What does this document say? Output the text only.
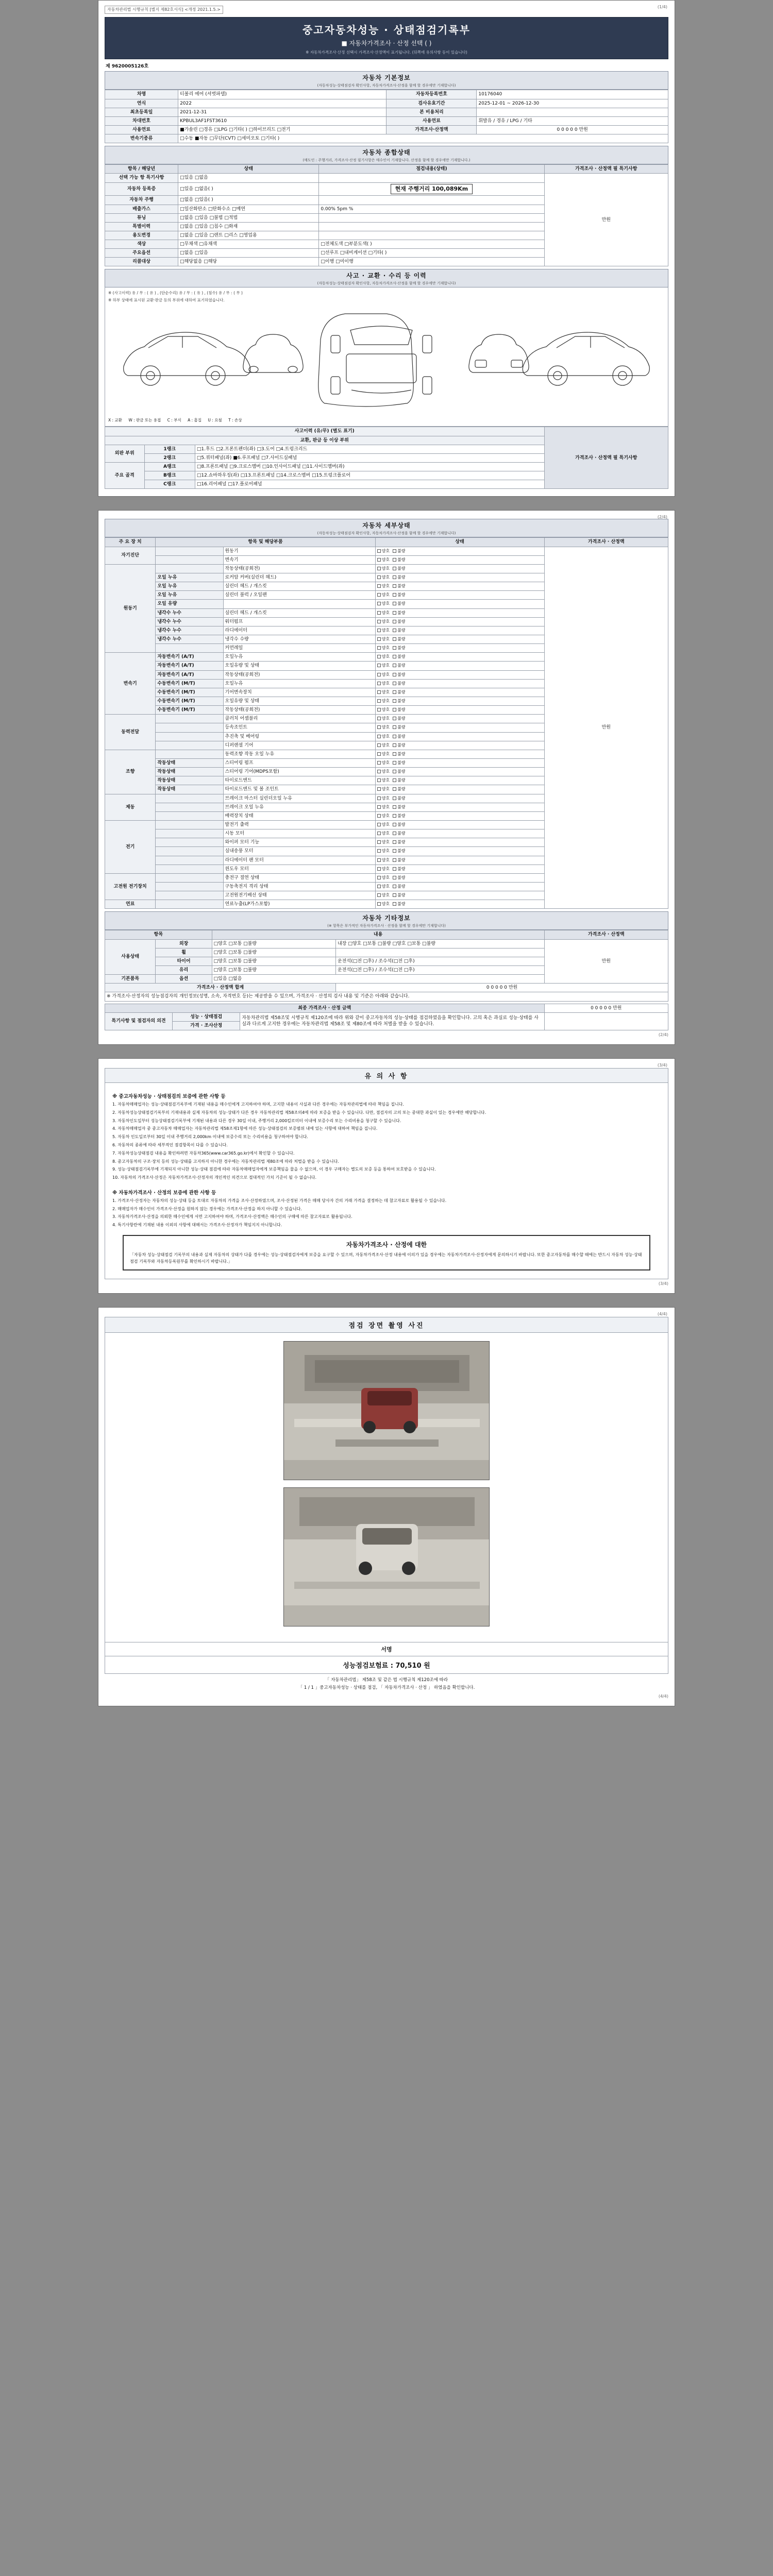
(1/4)
자동차관리법 시행규칙 [별지 제82호서식] <개정 2021.1.5.>
중고자동차성능 · 상태점검기록부
■ 자동차가격조사 · 산정 선택 ( )
※ 자동차가격조사·산정 선택시 가격조사·산정액이 표기됩니다. (뒤쪽에 유의사항 등이 있습니다)
제 9620005126호
자동차 기본정보
(자동차성능·상태점검자 확인사항, 자동차가격조사·산정을 함께 할 경우에만 기재합니다)
차명	티볼리 에어 (셔벗파델)	자동차등록번호	10176040
연식	2022	검사유효기간	2025-12-01 ~ 2026-12-30
최초등록일	2021-12-31	본 비용처리	
차대번호	KPBUL3AF1FST3610	사용연료	휘발유 / 경유 / LPG / 기타
사용연료	■가솔린 □경유 □LPG □기타( ) □하이브리드 □전기	가격조사·산정액	0 0 0 0 0 만원
변속기종류	□수동 ■자동 □무단(CVT) □세미오토 □기타( )		
자동차 종합상태
(매도인 : 주행거리, 가격조사·산정 필기사항은 매수인이 기재합니다. 산정을 함께 할 경우에만 기재합니다.)
항목 / 해당년	상태	점검내용(상태)	가격조사 · 산정액 필 특기사항
선택 가능 항 특기사항	□있음 □없음		만원
자동차 등록증	□있음 □없음( )	현재 주행거리 100,089Km	
자동차 주행	□없음 □있음( )		
배출가스	□일산화탄소 □탄화수소 □매연	0.00% 5pm %	
튜닝	□없음 □있음 □불법 □적법		
특별이력	□없음 □있음 □침수 □화재		
용도변경	□없음 □있음 □렌트 □리스 □영업용		
색상	□무채색 □유채색	□전체도색 □부분도색( )	
주요옵션	□없음 □있음	□선루프 □내비게이션 □기타( )	
리콜대상	□해당없음 □해당	□이행 □미이행	
사고 · 교환 · 수리 등 이력
(자동차성능·상태점검자 확인사항, 자동차가격조사·산정을 함께 할 경우에만 기재합니다)
※ (사고이력) 유 / 무 : ( 유 ) , (단순수리) 유 / 무 : ( 유 ) , (침수) 유 / 무 : ( 무 )
※ 하부 상태에 표시된 교환·판금 등의 부위에 대하여 표기하였습니다.
X : 교환 W : 판금 또는 용접 C : 부식 A : 흠집 U : 요철 T : 손상
사고이력 (유/무) (별도 표기)			가격조사 · 산정액 필 특기사항
교환, 판금 등 이상 부위			
외판 부위	1랭크	□1.후드 □2.프론트펜더(좌) □3.도어 □4.트렁크리드	
	2랭크	□5.쿼터패널(좌) ■6.루프패널 □7.사이드실패널	
주요 골격	A랭크	□8.프론트패널 □9.크로스멤버 □10.인사이드패널 □11.사이드멤버(좌)	
	B랭크	□12.쇼바하우징(좌) □13.프론트패널 □14.크로스멤버 □15.트렁크플로어	
	C랭크	□16.리어패널 □17.플로어패널	
(2/4)
자동차 세부상태
(자동차성능·상태점검자 확인사항, 자동차가격조사·산정을 함께 할 경우에만 기재합니다)
주 요 장 치	항목 및 해당부품		상태	가격조사 · 산정액
자기진단		원동기	양호 불량	만원
		변속기	양호 불량	
원동기		작동상태(공회전)	양호 불량	
	오일 누유	로커암 커버(실린더 헤드)	양호 불량	
	오일 누유	실린더 헤드 / 개스킷	양호 불량	
	오일 누유	실린더 블럭 / 오일팬	양호 불량	
	오일 유량		양호 불량	
	냉각수 누수	실린더 헤드 / 개스킷	양호 불량	
	냉각수 누수	워터펌프	양호 불량	
	냉각수 누수	라디에이터	양호 불량	
	냉각수 누수	냉각수 수량	양호 불량	
		커먼레일	양호 불량	
변속기	자동변속기 (A/T)	오일누유	양호 불량	
	자동변속기 (A/T)	오일유량 및 상태	양호 불량	
	자동변속기 (A/T)	작동상태(공회전)	양호 불량	
	수동변속기 (M/T)	오일누유	양호 불량	
	수동변속기 (M/T)	기어변속장치	양호 불량	
	수동변속기 (M/T)	오일유량 및 상태	양호 불량	
	수동변속기 (M/T)	작동상태(공회전)	양호 불량	
동력전달		클러치 어셈블리	양호 불량	
		등속조인트	양호 불량	
		추진축 및 베어링	양호 불량	
		디퍼렌셜 기어	양호 불량	
조향		동력조향 작동 오일 누유	양호 불량	
	작동상태	스티어링 펌프	양호 불량	
	작동상태	스티어링 기어(MDPS포함)	양호 불량	
	작동상태	타이로드엔드	양호 불량	
	작동상태	타이로드엔드 및 볼 조인트	양호 불량	
제동		브레이크 마스터 실린더오일 누유	양호 불량	
		브레이크 오일 누유	양호 불량	
		배력장치 상태	양호 불량	
전기		발전기 출력	양호 불량	
		시동 모터	양호 불량	
		와이퍼 모터 기능	양호 불량	
		실내송풍 모터	양호 불량	
		라디에이터 팬 모터	양호 불량	
		윈도우 모터	양호 불량	
고전원 전기장치		충전구 절연 상태	양호 불량	
		구동축전지 격리 상태	양호 불량	
		고전원전기배선 상태	양호 불량	
연료		연료누출(LP가스포함)	양호 불량	
자동차 기타정보
(※ 항목은 부가적인 자동차가격조사 · 산정을 함께 할 경우에만 기재합니다)
항목		내용		가격조사 · 산정액
사용상태	외장	□양호 □보통 □불량	내장 □양호 □보통 □불량 □양호 □보통 □불량	만원
	휠	□양호 □보통 □불량		
	타이어	□양호 □보통 □불량	운전석(□전 □후) / 조수석(□전 □후)	
	유리	□양호 □보통 □불량	운전석(□전 □후) / 조수석(□전 □후)	
기본품목	옵션	□있음 □없음		
가격조사 · 산정액 합계			0 0 0 0 0 만원	
※ 가격조사·산정자의 성능점검자의 개인정보(성명, 소속, 자격번호 등)는 제공받을 수 있으며, 가격조사 · 산정의 검사 내용 및 기준은 아래와 같습니다.				
최종 가격조사 · 산정 금액			0 0 0 0 0 만원
특기사항 및 점검자의 의견	성능 · 상태점검	자동차관리법 제58조및 시행규칙 제120조에 따라 위와 같이 중고자동차의 성능·상태를 점검하였음을 확인합니다. 고의 혹은 과실로 성능·상태를 사실과 다르게 고지한 경우에는 자동차관리법 제58조 및 제80조에 따라 처벌을 받을 수 있습니다.	
	가격 · 조사산정		
(2/4)
(3/4)
유 의 사 항
※ 중고자동차성능 · 상태점검의 보증에 관한 사항 등

1. 자동차매매업자는 성능·상태점검기록부에 기재된 내용을 매수인에게 고지하여야 하며, 고지한 내용이 사실과 다른 경우에는 자동차관리법에 따라 책임을 집니다.

2. 자동차성능상태점검기록부의 기재내용과 실제 자동차의 성능·상태가 다른 경우 자동차관리법 제58조의4에 따라 보증을 받을 수 있습니다. 다만, 점검자의 고의 또는 중대한 과실이 있는 경우에만 해당합니다.

3. 자동차인도일부터 성능상태점검기록부에 기재된 내용과 다른 경우 30일 이내, 주행거리 2,000킬로미터 이내에 보증수리 또는 수리비용을 청구할 수 있습니다.

4. 자동차매매업자 중 중고자동차 매매업자는 자동차관리법 제58조제1항에 따른 성능·상태점검의 보증범위 내에 있는 사항에 대하여 책임을 집니다.

5. 자동차 인도일로부터 30일 이내 주행거리 2,000km 이내에 보증수리 또는 수리비용을 청구하여야 합니다.

6. 자동차의 종류에 따라 세부적인 점검항목이 다를 수 있습니다.

7. 자동차성능상태점검 내용을 확인하려면 자동차365(www.car365.go.kr)에서 확인할 수 있습니다.

8. 중고자동차의 구조·장치 등의 성능·상태를 고지하지 아니한 경우에는 자동차관리법 제80조에 따라 처벌을 받을 수 있습니다.

9. 성능·상태점검기록부에 기재되지 아니한 성능·상태 점검에 따라 자동차매매업자에게 보증책임을 물을 수 없으며, 이 경우 구매자는 별도의 보증 등을 통하여 보호받을 수 있습니다.

10. 자동차의 가격조사·산정은 자동차가격조사·산정자의 개인적인 의견으로 절대적인 가치 기준이 될 수 없습니다.

※ 자동차가격조사 · 산정의 보증에 관한 사항 등

1. 가격조사·산정자는 자동차의 성능·상태 등을 토대로 자동차의 가격을 조사·산정하였으며, 조사·산정된 가격은 매매 당사자 간의 거래 가격을 결정하는 데 참고자료로 활용될 수 있습니다.

2. 매매업자가 매수인이 가격조사·산정을 원하지 않는 경우에는 가격조사·산정을 하지 아니할 수 있습니다.

3. 자동차가격조사·산정을 의뢰한 매수인에게 서면 고지하여야 하며, 가격조사·산정액은 매수인의 구매에 따른 참고자료로 활용됩니다.

4. 특기사항란에 기재된 내용 이외의 사항에 대해서는 가격조사·산정자가 책임지지 아니합니다.

자동차가격조사 · 산정에 대한
「자동차 성능·상태점검 기록부의 내용과 실제 자동차의 상태가 다를 경우에는 성능·상태점검자에게 보증을 요구할 수 있으며, 자동차가격조사·산정 내용에 이의가 있을 경우에는 자동차가격조사·산정자에게 문의하시기 바랍니다. 또한 중고자동차를 매수할 때에는 반드시 자동차 성능·상태점검 기록부와 자동차등록원부를 확인하시기 바랍니다.」
(3/4)
(4/4)
점검 장면 촬영 사진
서명
성능점검보험료 : 70,510 원
「 자동차관리법」 제58조 및 같은 법 시행규칙 제120조에 따라
「 1 / 1 」중고자동차성능 · 상태를 점검, 「 자동차가격조사 · 산정 」 하였음을 확인합니다.
(4/4)
